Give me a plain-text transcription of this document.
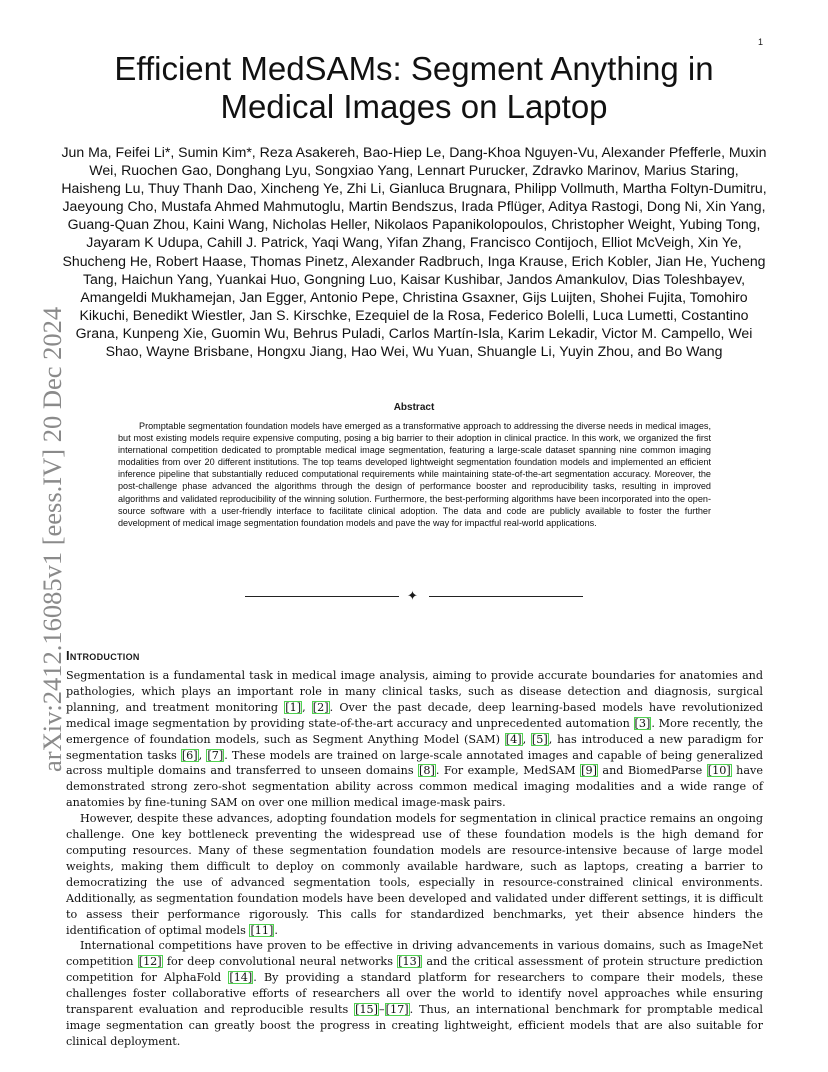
1
arXiv:2412.16085v1 [eess.IV] 20 Dec 2024
Efficient MedSAMs: Segment Anything in Medical Images on Laptop
Jun Ma, Feifei Li*, Sumin Kim*, Reza Asakereh, Bao-Hiep Le, Dang-Khoa Nguyen-Vu, Alexander Pfefferle, Muxin Wei, Ruochen Gao, Donghang Lyu, Songxiao Yang, Lennart Purucker, Zdravko Marinov, Marius Staring, Haisheng Lu, Thuy Thanh Dao, Xincheng Ye, Zhi Li, Gianluca Brugnara, Philipp Vollmuth, Martha Foltyn-Dumitru, Jaeyoung Cho, Mustafa Ahmed Mahmutoglu, Martin Bendszus, Irada Pflüger, Aditya Rastogi, Dong Ni, Xin Yang, Guang-Quan Zhou, Kaini Wang, Nicholas Heller, Nikolaos Papanikolopoulos, Christopher Weight, Yubing Tong, Jayaram K Udupa, Cahill J. Patrick, Yaqi Wang, Yifan Zhang, Francisco Contijoch, Elliot McVeigh, Xin Ye, Shucheng He, Robert Haase, Thomas Pinetz, Alexander Radbruch, Inga Krause, Erich Kobler, Jian He, Yucheng Tang, Haichun Yang, Yuankai Huo, Gongning Luo, Kaisar Kushibar, Jandos Amankulov, Dias Toleshbayev, Amangeldi Mukhamejan, Jan Egger, Antonio Pepe, Christina Gsaxner, Gijs Luijten, Shohei Fujita, Tomohiro Kikuchi, Benedikt Wiestler, Jan S. Kirschke, Ezequiel de la Rosa, Federico Bolelli, Luca Lumetti, Costantino Grana, Kunpeng Xie, Guomin Wu, Behrus Puladi, Carlos Martín-Isla, Karim Lekadir, Victor M. Campello, Wei Shao, Wayne Brisbane, Hongxu Jiang, Hao Wei, Wu Yuan, Shuangle Li, Yuyin Zhou, and Bo Wang
Abstract
Promptable segmentation foundation models have emerged as a transformative approach to addressing the diverse needs in medical images, but most existing models require expensive computing, posing a big barrier to their adoption in clinical practice. In this work, we organized the first international competition dedicated to promptable medical image segmentation, featuring a large-scale dataset spanning nine common imaging modalities from over 20 different institutions. The top teams developed lightweight segmentation foundation models and implemented an efficient inference pipeline that substantially reduced computational requirements while maintaining state-of-the-art segmentation accuracy. Moreover, the post-challenge phase advanced the algorithms through the design of performance booster and reproducibility tasks, resulting in improved algorithms and validated reproducibility of the winning solution. Furthermore, the best-performing algorithms have been incorporated into the open-source software with a user-friendly interface to facilitate clinical adoption. The data and code are publicly available to foster the further development of medical image segmentation foundation models and pave the way for impactful real-world applications.
✦
Introduction

Segmentation is a fundamental task in medical image analysis, aiming to provide accurate boundaries for anatomies and pathologies, which plays an important role in many clinical tasks, such as disease detection and diagnosis, surgical planning, and treatment monitoring [1], [2]. Over the past decade, deep learning-based models have revolutionized medical image segmentation by providing state-of-the-art accuracy and unprecedented automation [3]. More recently, the emergence of foundation models, such as Segment Anything Model (SAM) [4], [5], has introduced a new paradigm for segmentation tasks [6], [7]. These models are trained on large-scale annotated images and capable of being generalized across multiple domains and transferred to unseen domains [8]. For example, MedSAM [9] and BiomedParse [10] have demonstrated strong zero-shot segmentation ability across common medical imaging modalities and a wide range of anatomies by fine-tuning SAM on over one million medical image-mask pairs.

However, despite these advances, adopting foundation models for segmentation in clinical practice remains an ongoing challenge. One key bottleneck preventing the widespread use of these foundation models is the high demand for computing resources. Many of these segmentation foundation models are resource-intensive because of large model weights, making them difficult to deploy on commonly available hardware, such as laptops, creating a barrier to democratizing the use of advanced segmentation tools, especially in resource-constrained clinical environments. Additionally, as segmentation foundation models have been developed and validated under different settings, it is difficult to assess their performance rigorously. This calls for standardized benchmarks, yet their absence hinders the identification of optimal models [11].

International competitions have proven to be effective in driving advancements in various domains, such as ImageNet competition [12] for deep convolutional neural networks [13] and the critical assessment of protein structure prediction competition for AlphaFold [14]. By providing a standard platform for researchers to compare their models, these challenges foster collaborative efforts of researchers all over the world to identify novel approaches while ensuring transparent evaluation and reproducible results [15]–[17]. Thus, an international benchmark for promptable medical image segmentation can greatly boost the progress in creating lightweight, efficient models that are also suitable for clinical deployment.
